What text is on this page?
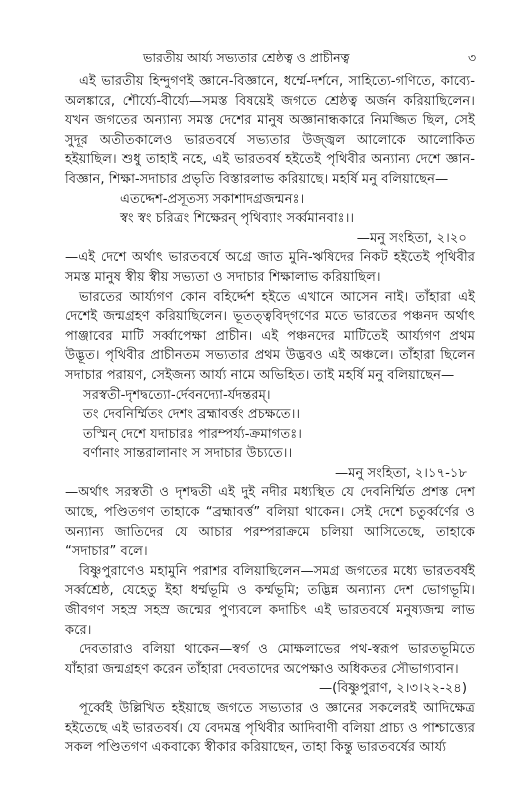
ভারতীয় আর্য্য সভ্যতার শ্রেষ্ঠত্ব ও প্রাচীনত্ব	৩

এই ভারতীয় হিন্দুগণই জ্ঞানে-বিজ্ঞানে, ধর্ম্মে-দর্শনে, সাহিত্যে-গণিতে, কাব্যে-অলঙ্কারে, শৌর্য্যে-বীর্য্যে—সমস্ত বিষয়েই জগতে শ্রেষ্ঠত্ব অর্জন করিয়াছিলেন। যখন জগতের অন্যান্য সমস্ত দেশের মানুষ অজ্ঞানান্ধকারে নিমজ্জিত ছিল, সেই সুদূর অতীতকালেও ভারতবর্ষে সভ্যতার উজ্জ্বল আলোকে আলোকিত হইয়াছিল। শুধু তাহাই নহে, এই ভারতবর্ষ হইতেই পৃথিবীর অন্যান্য দেশে জ্ঞান-বিজ্ঞান, শিক্ষা-সদাচার প্রভৃতি বিস্তারলাভ করিয়াছে। মহর্ষি মনু বলিয়াছেন—

এতদ্দেশ-প্রসূতস্য সকাশাদগ্রজন্মনঃ।
স্বং স্বং চরিত্রং শিক্ষেরন্‌ পৃথিব্যাং সর্ব্বমানবাঃ।।

—মনু সংহিতা, ২।২০

—এই দেশে অর্থাৎ ভারতবর্ষে অগ্রে জাত মুনি-ঋষিদের নিকট হইতেই পৃথিবীর সমস্ত মানুষ স্বীয় স্বীয় সভ্যতা ও সদাচার শিক্ষালাভ করিয়াছিল।

ভারতের আর্য্যগণ কোন বহির্দ্দেশ হইতে এখানে আসেন নাই। তাঁহারা এই দেশেই জন্মগ্রহণ করিয়াছিলেন। ভূতত্ত্ববিদ্‌গণের মতে ভারতের পঞ্চনদ অর্থাৎ পাঞ্জাবের মাটি সর্ব্বাপেক্ষা প্রাচীন। এই পঞ্চনদের মাটিতেই আর্য্যগণ প্রথম উদ্ভূত। পৃথিবীর প্রাচীনতম সভ্যতার প্রথম উদ্ভবও এই অঞ্চলে। তাঁহারা ছিলেন সদাচার পরায়ণ, সেইজন্য আর্য্য নামে অভিহিত। তাই মহর্ষি মনু বলিয়াছেন—

সরস্বতী-দৃশদ্বত্যো-র্দেবনদ্যো-র্যদন্তরম্‌।
তং দেবনির্ম্মিতং দেশং ব্রহ্মাবর্ত্তং প্রচক্ষতে।।
তস্মিন্‌ দেশে যদাচারঃ পারম্পর্য্য-ক্রমাগতঃ।
বর্ণানাং সান্তরালানাং স সদাচার উচ্যতে।।

—মনু সংহিতা, ২।১৭-১৮

—অর্থাৎ সরস্বতী ও দৃশদ্বতী এই দুই নদীর মধ্যস্থিত যে দেবনির্ম্মিত প্রশস্ত দেশ আছে, পণ্ডিতগণ তাহাকে “ব্রহ্মাবর্ত্ত” বলিয়া থাকেন। সেই দেশে চতুর্ব্বর্ণের ও অন্যান্য জাতিদের যে আচার পরম্পরাক্রমে চলিয়া আসিতেছে, তাহাকে “সদাচার” বলে।

বিষ্ণুপুরাণেও মহামুনি পরাশর বলিয়াছিলেন—সমগ্র জগতের মধ্যে ভারতবর্ষই সর্ব্বশ্রেষ্ঠ, যেহেতু ইহা ধর্ম্মভূমি ও কর্ম্মভূমি; তদ্ভিন্ন অন্যান্য দেশ ভোগভূমি। জীবগণ সহস্র সহস্র জন্মের পুণ্যবলে কদাচিৎ এই ভারতবর্ষে মনুষ্যজন্ম লাভ করে।

দেবতারাও বলিয়া থাকেন—স্বর্গ ও মোক্ষলাভের পথ-স্বরূপ ভারতভূমিতে যাঁহারা জন্মগ্রহণ করেন তাঁহারা দেবতাদের অপেক্ষাও অধিকতর সৌভাগ্যবান।

—(বিষ্ণুপুরাণ, ২।৩।২২-২৪)

পূর্ব্বেই উল্লিখিত হইয়াছে জগতে সভ্যতার ও জ্ঞানের সকলেরই আদিক্ষেত্র হইতেছে এই ভারতবর্ষ। যে বেদমন্ত্র পৃথিবীর আদিবাণী বলিয়া প্রাচ্য ও পাশ্চাত্ত্যের সকল পণ্ডিতগণ একবাক্যে স্বীকার করিয়াছেন, তাহা কিন্তু ভারতবর্ষের আর্য্য
